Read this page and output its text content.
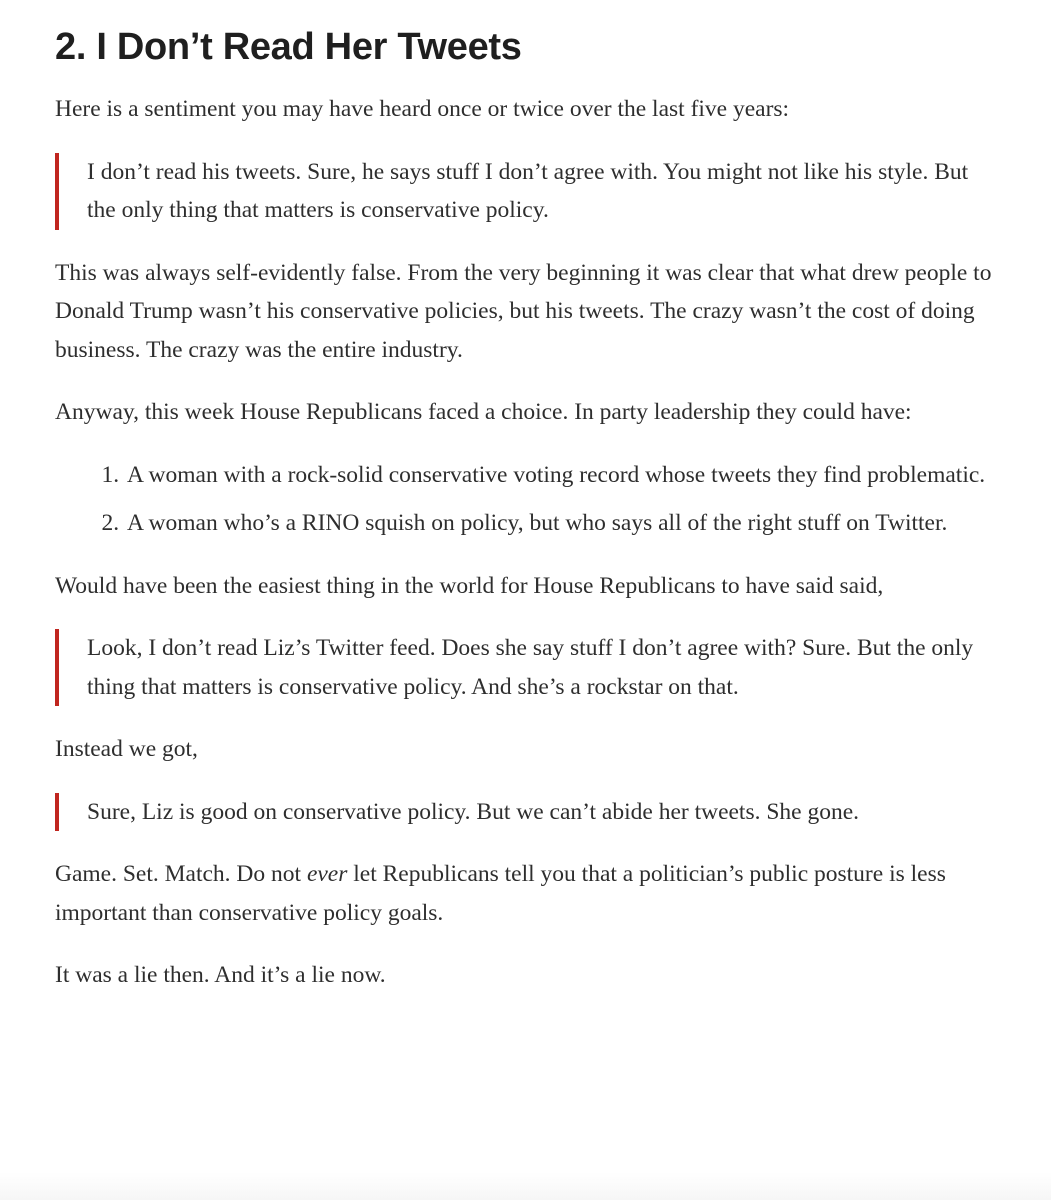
2. I Don’t Read Her Tweets

Here is a sentiment you may have heard once or twice over the last five years:

I don’t read his tweets. Sure, he says stuff I don’t agree with. You might not like his style. But the only thing that matters is conservative policy.

This was always self-evidently false. From the very beginning it was clear that what drew people to Donald Trump wasn’t his conservative policies, but his tweets. The crazy wasn’t the cost of doing business. The crazy was the entire industry.

Anyway, this week House Republicans faced a choice. In party leadership they could have:

1. A woman with a rock-solid conservative voting record whose tweets they find problematic.
2. A woman who’s a RINO squish on policy, but who says all of the right stuff on Twitter.

Would have been the easiest thing in the world for House Republicans to have said said,

Look, I don’t read Liz’s Twitter feed. Does she say stuff I don’t agree with? Sure. But the only thing that matters is conservative policy. And she’s a rockstar on that.

Instead we got,

Sure, Liz is good on conservative policy. But we can’t abide her tweets. She gone.

Game. Set. Match. Do not ever let Republicans tell you that a politician’s public posture is less important than conservative policy goals.

It was a lie then. And it’s a lie now.
